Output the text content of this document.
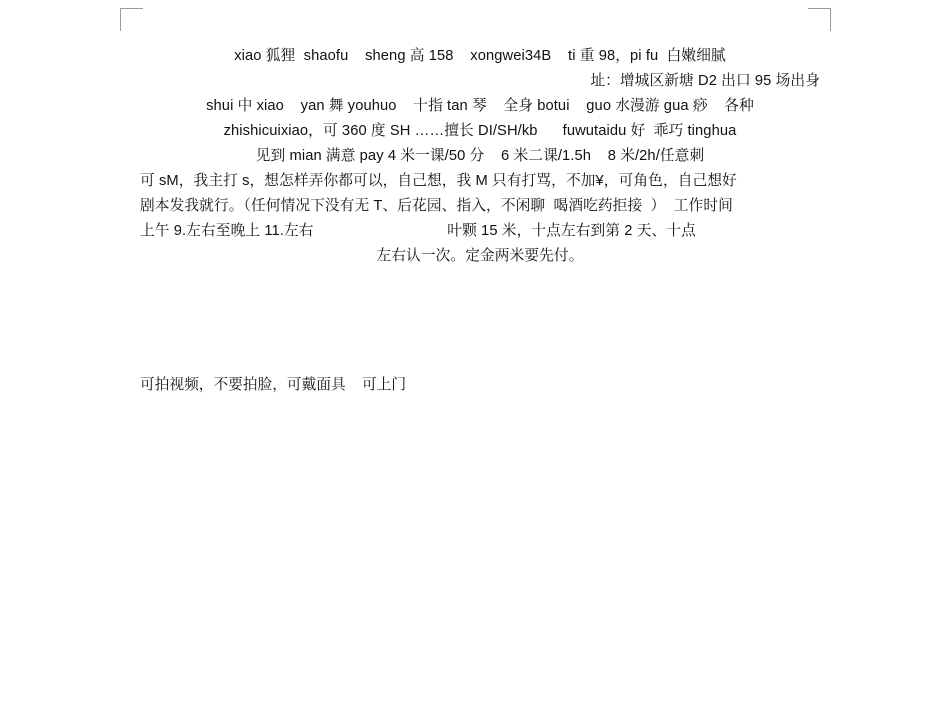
xiao 狐狸  shaofu    sheng 高 158    xongwei34B    ti 重 98，pi fu  白嫩细腻
址：增城区新塘 D2 出口 95 场出身
shui 中 xiao    yan 舞 youhuo    十指 tan 琴    全身 botui    guo 水漫游 gua 痧    各种
zhishicuixiao，可 360 度 SH ……擅长 DI/SH/kb      fuwutaidu 好  乖巧 tinghua
见到 mian 满意 pay 4 米一课/50 分    6 米二课/1.5h    8 米/2h/任意刺
可 sM，我主打 s，想怎样弄你都可以，自己想，我 M 只有打骂，不加¥，可角色，自己想好
剧本发我就行。（任何情况下没有无 T、后花园、指入，不闲聊  喝酒吃药拒接  ）  工作时间
上午 9.左右至晚上 11.左右                                叶颗 15 米，十点左右到第 2 天、十点
左右认一次。定金两米要先付。
可拍视频，不要拍脸，可戴面具    可上门
